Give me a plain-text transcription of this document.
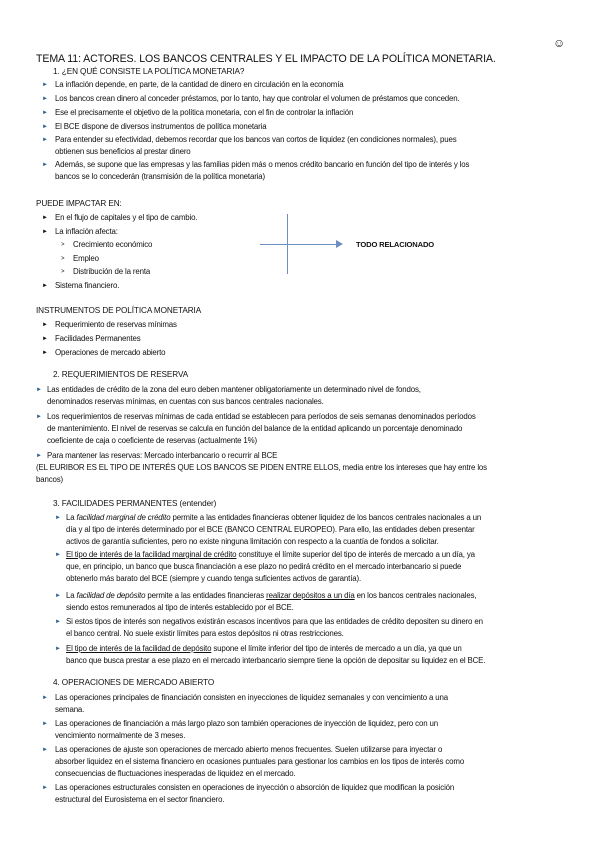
☺
TEMA 11: ACTORES. LOS BANCOS CENTRALES Y EL IMPACTO DE LA POLÍTICA MONETARIA.
1. ¿EN QUÉ CONSISTE LA POLÍTICA MONETARIA?
► La inflación depende, en parte, de la cantidad de dinero en circulación en la economía
► Los bancos crean dinero al conceder préstamos, por lo tanto, hay que controlar el volumen de préstamos que conceden.
► Ese el precisamente el objetivo de la política monetaria, con el fin de controlar la inflación
► El BCE dispone de diversos instrumentos de política monetaria
► Para entender su efectividad, debemos recordar que los bancos van cortos de liquidez (en condiciones normales), pues
obtienen sus beneficios al prestar dinero
► Además, se supone que las empresas y las familias piden más o menos crédito bancario en función del tipo de interés y los
bancos se lo concederán (transmisión de la política monetaria)
PUEDE IMPACTAR EN:
► En el flujo de capitales y el tipo de cambio.
► La inflación afecta:
> Crecimiento económico
> Empleo
> Distribución de la renta
► Sistema financiero.
TODO RELACIONADO
INSTRUMENTOS DE POLÍTICA MONETARIA
► Requerimiento de reservas mínimas
► Facilidades Permanentes
► Operaciones de mercado abierto
2. REQUERIMIENTOS DE RESERVA
► Las entidades de crédito de la zona del euro deben mantener obligatoriamente un determinado nivel de fondos,
denominados reservas mínimas, en cuentas con sus bancos centrales nacionales.
► Los requerimientos de reservas mínimas de cada entidad se establecen para períodos de seis semanas denominados períodos
de mantenimiento. El nivel de reservas se calcula en función del balance de la entidad aplicando un porcentaje denominado
coeficiente de caja o coeficiente de reservas (actualmente 1%)
► Para mantener las reservas: Mercado interbancario o recurrir al BCE
(EL EURIBOR ES EL TIPO DE INTERÉS QUE LOS BANCOS SE PIDEN ENTRE ELLOS, media entre los intereses que hay entre los
bancos)
3. FACILIDADES PERMANENTES (entender)
► La facilidad marginal de crédito permite a las entidades financieras obtener liquidez de los bancos centrales nacionales a un
día y al tipo de interés determinado por el BCE (BANCO CENTRAL EUROPEO). Para ello, las entidades deben presentar
activos de garantía suficientes, pero no existe ninguna limitación con respecto a la cuantía de fondos a solicitar.
► El tipo de interés de la facilidad marginal de crédito constituye el límite superior del tipo de interés de mercado a un día, ya
que, en principio, un banco que busca financiación a ese plazo no pedirá crédito en el mercado interbancario si puede
obtenerlo más barato del BCE (siempre y cuando tenga suficientes activos de garantía).
► La facilidad de depósito permite a las entidades financieras realizar depósitos a un día en los bancos centrales nacionales,
siendo estos remunerados al tipo de interés establecido por el BCE.
► Si estos tipos de interés son negativos existirán escasos incentivos para que las entidades de crédito depositen su dinero en
el banco central. No suele existir límites para estos depósitos ni otras restricciones.
► El tipo de interés de la facilidad de depósito supone el límite inferior del tipo de interés de mercado a un día, ya que un
banco que busca prestar a ese plazo en el mercado interbancario siempre tiene la opción de depositar su liquidez en el BCE.
4. OPERACIONES DE MERCADO ABIERTO
► Las operaciones principales de financiación consisten en inyecciones de liquidez semanales y con vencimiento a una
semana.
► Las operaciones de financiación a más largo plazo son también operaciones de inyección de liquidez, pero con un
vencimiento normalmente de 3 meses.
► Las operaciones de ajuste son operaciones de mercado abierto menos frecuentes. Suelen utilizarse para inyectar o
absorber liquidez en el sistema financiero en ocasiones puntuales para gestionar los cambios en los tipos de interés como
consecuencias de fluctuaciones inesperadas de liquidez en el mercado.
► Las operaciones estructurales consisten en operaciones de inyección o absorción de liquidez que modifican la posición
estructural del Eurosistema en el sector financiero.
